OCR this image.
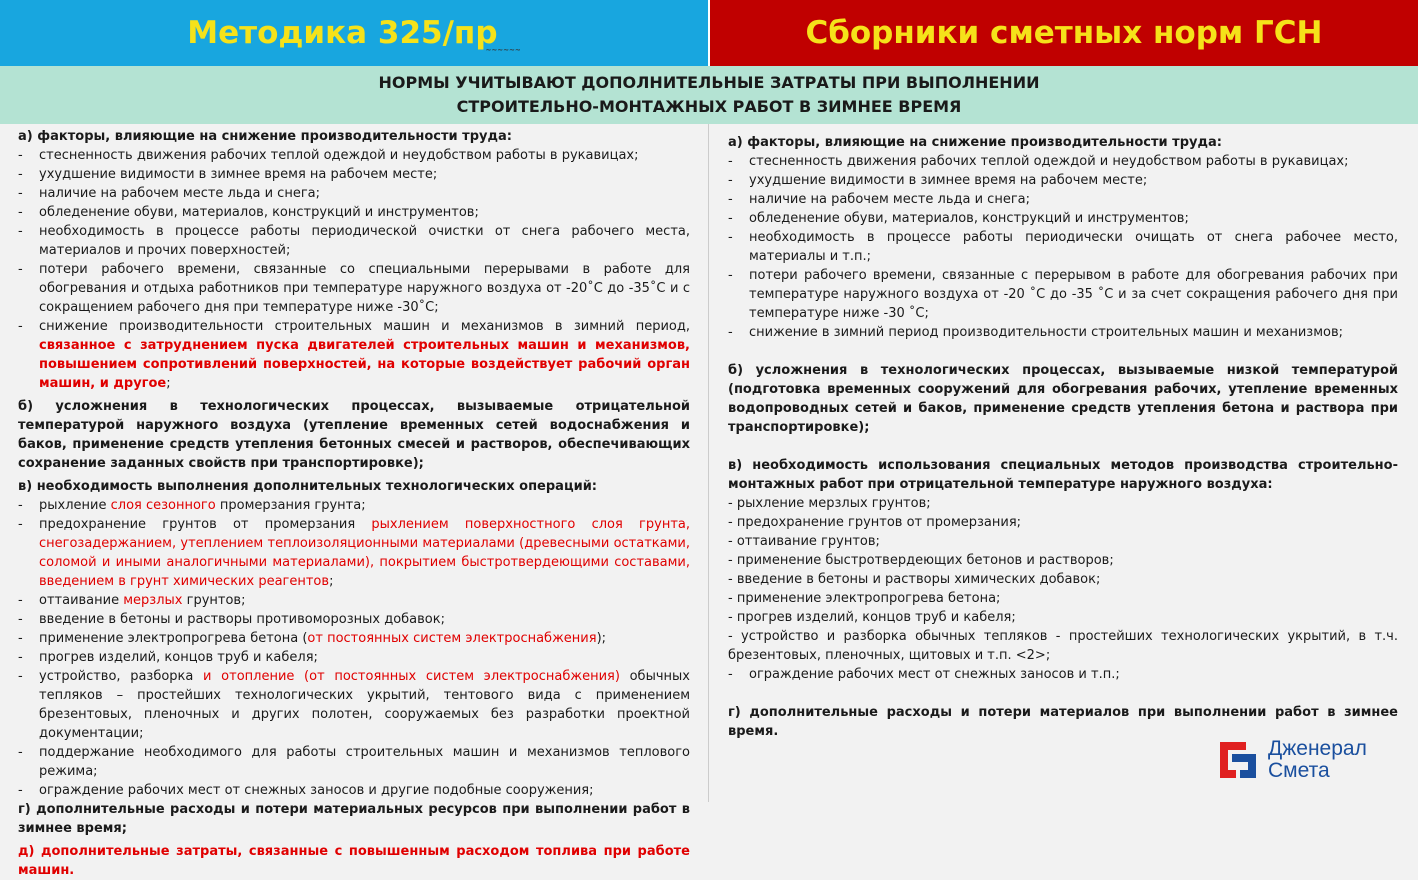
Методика 325/пр
~~~~~~	Сборники сметных норм ГСН
НОРМЫ УЧИТЫВАЮТ ДОПОЛНИТЕЛЬНЫЕ ЗАТРАТЫ ПРИ ВЫПОЛНЕНИИ
СТРОИТЕЛЬНО-МОНТАЖНЫХ РАБОТ В ЗИМНЕЕ ВРЕМЯ

а) факторы, влияющие на снижение производительности труда:

-	стесненность движения рабочих теплой одеждой и неудобством работы в рукавицах;
-	ухудшение видимости в зимнее время на рабочем месте;
-	наличие на рабочем месте льда и снега;
-	обледенение обуви, материалов, конструкций и инструментов;
-	необходимость в процессе работы периодической очистки от снега рабочего места, материалов и прочих поверхностей;
-	потери рабочего времени, связанные со специальными перерывами в работе для обогревания и отдыха работников при температуре наружного воздуха от -20˚С до -35˚С и с сокращением рабочего дня при температуре ниже -30˚С;
-	снижение производительности строительных машин и механизмов в зимний период, связанное с затруднением пуска двигателей строительных машин и механизмов, повышением сопротивлений поверхностей, на которые воздействует рабочий орган машин, и другое;

б) усложнения в технологических процессах, вызываемые отрицательной температурой наружного воздуха (утепление временных сетей водоснабжения и баков, применение средств утепления бетонных смесей и растворов, обеспечивающих сохранение заданных свойств при транспортировке);

в) необходимость выполнения дополнительных технологических операций:

-	рыхление слоя сезонного промерзания грунта;
-	предохранение грунтов от промерзания рыхлением поверхностного слоя грунта, снегозадержанием, утеплением теплоизоляционными материалами (древесными остатками, соломой и иными аналогичными материалами), покрытием быстротвердеющими составами, введением в грунт химических реагентов;
-	оттаивание мерзлых грунтов;
-	введение в бетоны и растворы противоморозных добавок;
-	применение электропрогрева бетона (от постоянных систем электроснабжения);
-	прогрев изделий, концов труб и кабеля;
-	устройство, разборка и отопление (от постоянных систем электроснабжения) обычных тепляков – простейших технологических укрытий, тентового вида с применением брезентовых, пленочных и других полотен, сооружаемых без разработки проектной документации;
-	поддержание необходимого для работы строительных машин и механизмов теплового режима;
-	ограждение рабочих мест от снежных заносов и другие подобные сооружения;

г) дополнительные расходы и потери материальных ресурсов при выполнении работ в зимнее время;

д) дополнительные затраты, связанные с повышенным расходом топлива при работе машин.

а) факторы, влияющие на снижение производительности труда:

-	стесненность движения рабочих теплой одеждой и неудобством работы в рукавицах;
-	ухудшение видимости в зимнее время на рабочем месте;
-	наличие на рабочем месте льда и снега;
-	обледенение обуви, материалов, конструкций и инструментов;
-	необходимость в процессе работы периодически очищать от снега рабочее место, материалы и т.п.;
-	потери рабочего времени, связанные с перерывом в работе для обогревания рабочих при температуре наружного воздуха от -20 ˚С до -35 ˚С и за счет сокращения рабочего дня при температуре ниже -30 ˚С;
-	снижение в зимний период производительности строительных машин и механизмов;

б) усложнения в технологических процессах, вызываемые низкой температурой (подготовка временных сооружений для обогревания рабочих, утепление временных водопроводных сетей и баков, применение средств утепления бетона и раствора при транспортировке);

в) необходимость использования специальных методов производства строительно-монтажных работ при отрицательной температуре наружного воздуха:

- рыхление мерзлых грунтов;

- предохранение грунтов от промерзания;

- оттаивание грунтов;

- применение быстротвердеющих бетонов и растворов;

- введение в бетоны и растворы химических добавок;

- применение электропрогрева бетона;

- прогрев изделий, концов труб и кабеля;

- устройство и разборка обычных тепляков - простейших технологических укрытий, в т.ч. брезентовых, пленочных, щитовых и т.п. <2>;

-	ограждение рабочих мест от снежных заносов и т.п.;

г) дополнительные расходы и потери материалов при выполнении работ в зимнее время.

Дженерал
Смета
